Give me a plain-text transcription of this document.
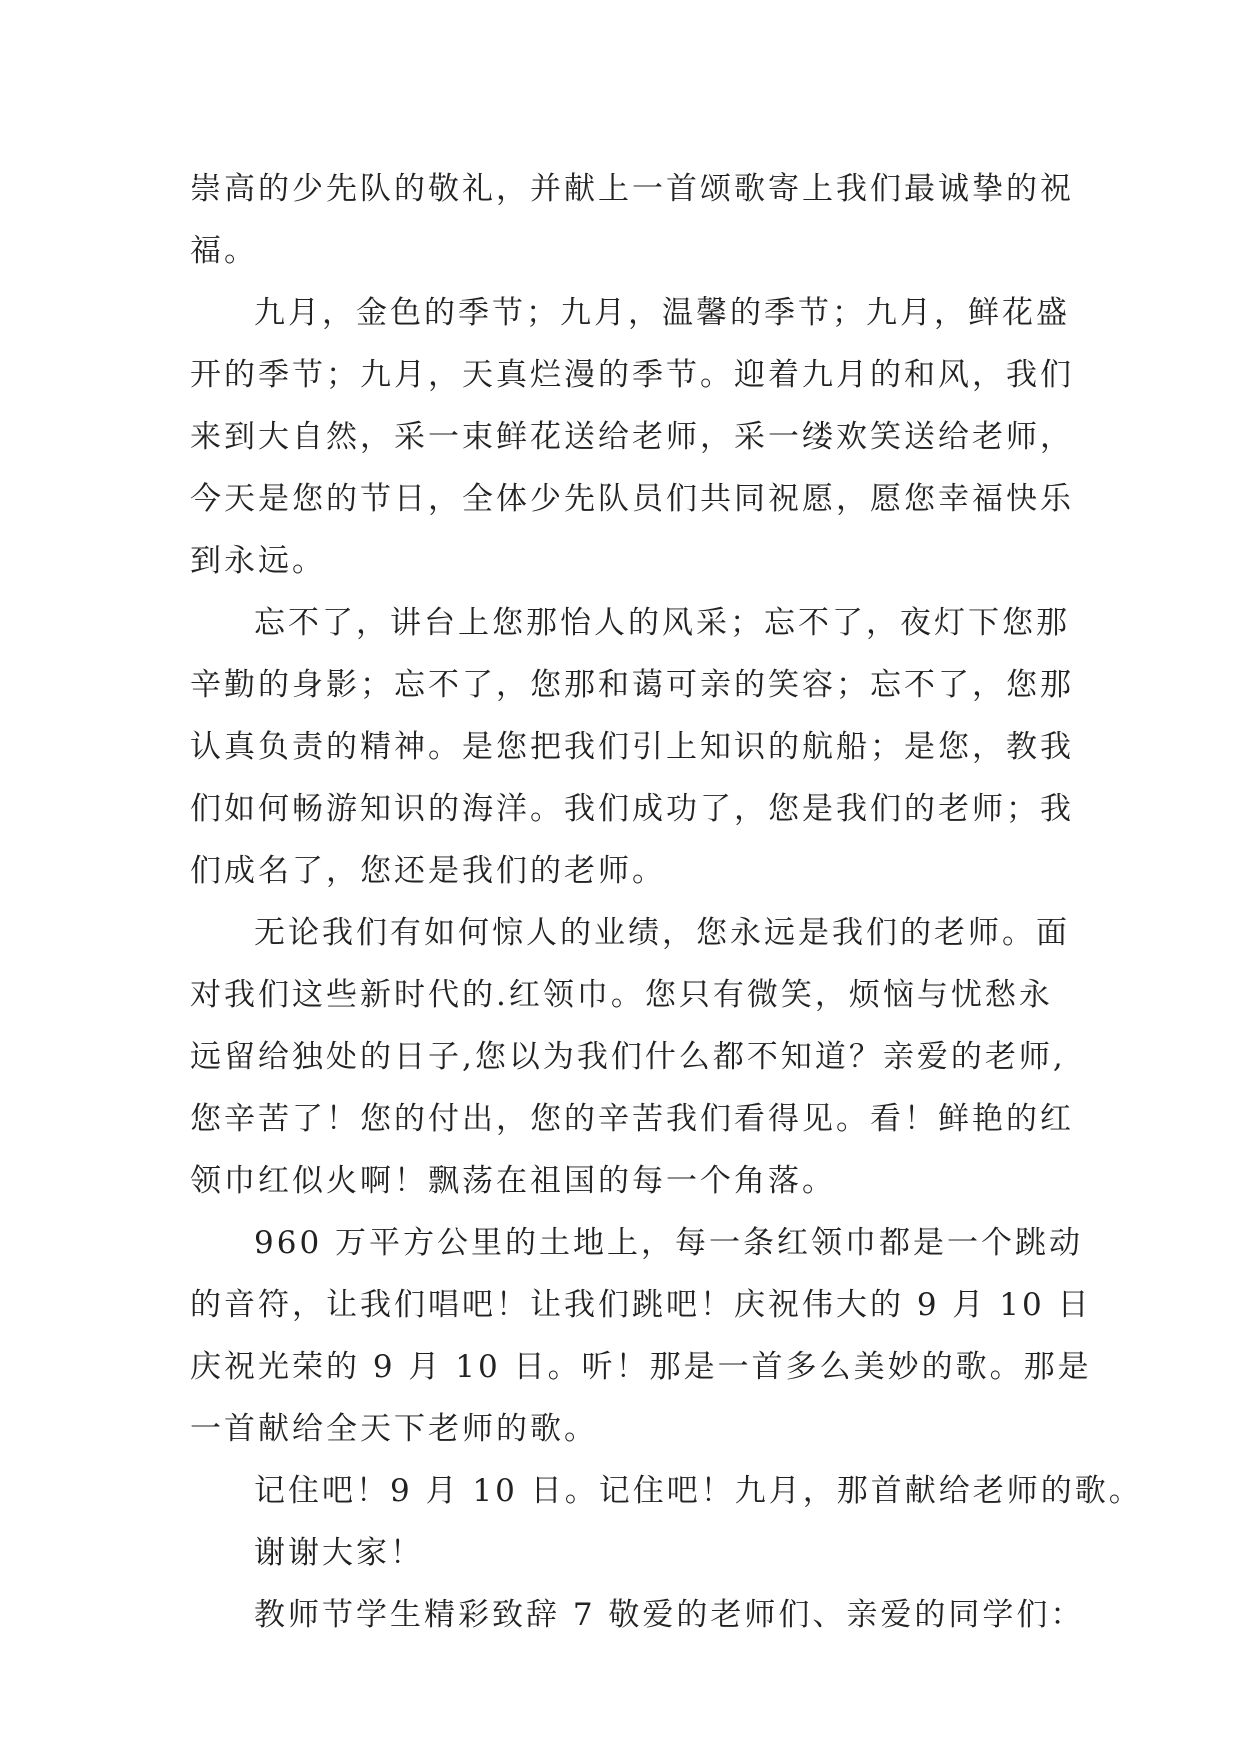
崇高的少先队的敬礼，并献上一首颂歌寄上我们最诚挚的祝
福。
九月，金色的季节；九月，温馨的季节；九月，鲜花盛
开的季节；九月，天真烂漫的季节。迎着九月的和风，我们
来到大自然，采一束鲜花送给老师，采一缕欢笑送给老师，
今天是您的节日，全体少先队员们共同祝愿，愿您幸福快乐
到永远。
忘不了，讲台上您那怡人的风采；忘不了，夜灯下您那
辛勤的身影；忘不了，您那和蔼可亲的笑容；忘不了，您那
认真负责的精神。是您把我们引上知识的航船；是您，教我
们如何畅游知识的海洋。我们成功了，您是我们的老师；我
们成名了，您还是我们的老师。
无论我们有如何惊人的业绩，您永远是我们的老师。面
对我们这些新时代的.红领巾。您只有微笑，烦恼与忧愁永
远留给独处的日子,您以为我们什么都不知道？亲爱的老师,
您辛苦了！您的付出，您的辛苦我们看得见。看！鲜艳的红
领巾红似火啊！飘荡在祖国的每一个角落。
960 万平方公里的土地上，每一条红领巾都是一个跳动
的音符，让我们唱吧！让我们跳吧！庆祝伟大的 9 月 10 日
庆祝光荣的 9 月 10 日。听！那是一首多么美妙的歌。那是
一首献给全天下老师的歌。
记住吧！9 月 10 日。记住吧！九月，那首献给老师的歌。
谢谢大家！
教师节学生精彩致辞 7 敬爱的老师们、亲爱的同学们：
